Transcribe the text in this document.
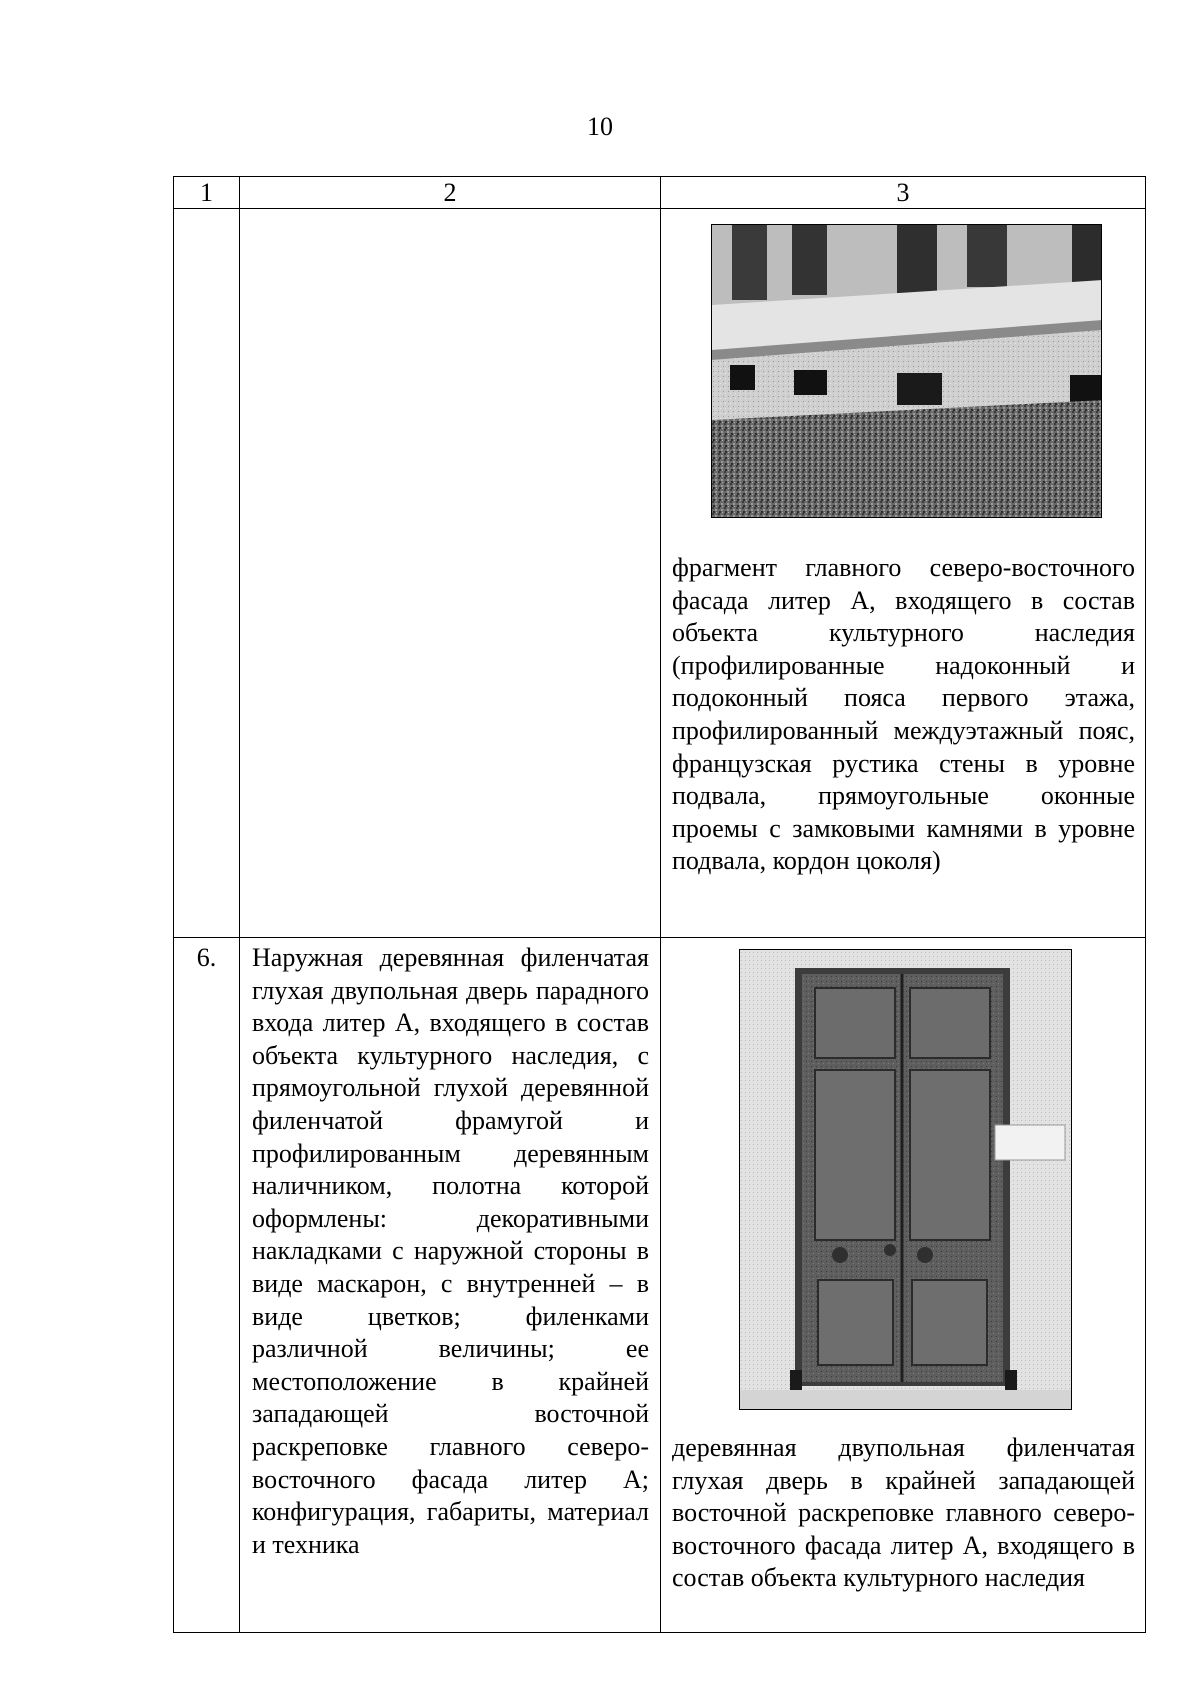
10
1	2	3

		фрагмент главного северо-восточного фасада литер А, входящего в состав объекта культурного наследия (профилированные надоконный и подоконный пояса первого этажа, профилированный междуэтажный пояс, французская рустика стены в уровне подвала, прямоугольные оконные проемы с замковыми камнями в уровне подвала, кордон цоколя)

6.	Наружная деревянная филенчатая глухая двупольная дверь парадного входа литер А, входящего в состав объекта культурного наследия, с прямоугольной глухой деревянной филенчатой фрамугой и профилированным деревянным наличником, полотна которой оформлены: декоративными накладками с наружной стороны в виде маскарон, с внутренней – в виде цветков; филенками различной величины; ее местоположение в крайней западающей восточной раскреповке главного северо-восточного фасада литер А; конфигурация, габариты, материал и техника	деревянная двупольная филенчатая глухая дверь в крайней западающей восточной раскреповке главного северо-восточного фасада литер А, входящего в состав объекта культурного наследия
